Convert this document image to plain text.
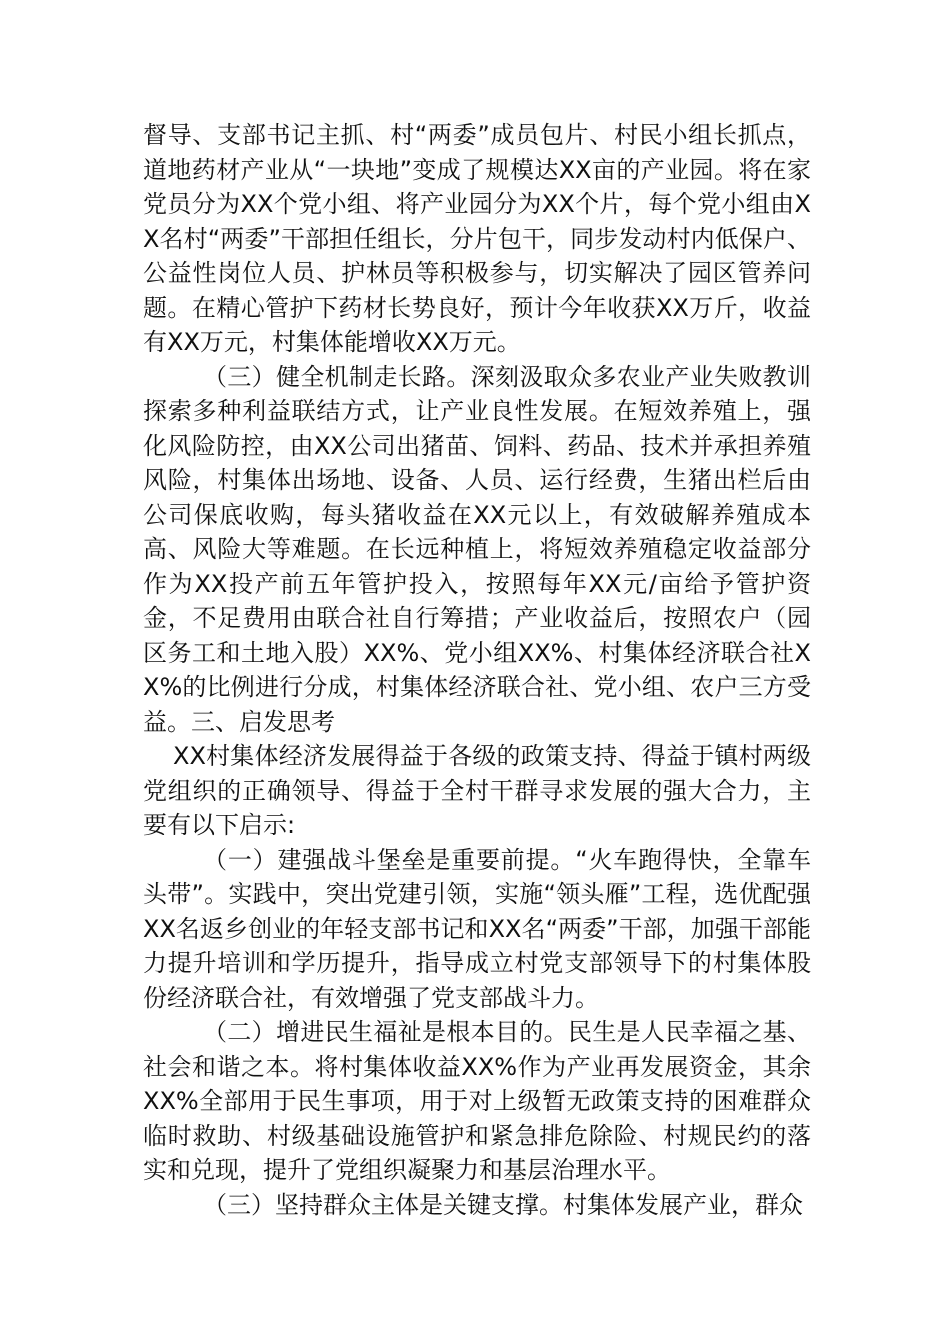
督导、支部书记主抓、村“两委”成员包片、村民小组长抓点，道地药材产业从“一块地”变成了规模达XX亩的产业园。将在家党员分为XX个党小组、将产业园分为XX个片，每个党小组由XX名村“两委”干部担任组长，分片包干，同步发动村内低保户、公益性岗位人员、护林员等积极参与，切实解决了园区管养问题。在精心管护下药材长势良好，预计今年收获XX万斤，收益有XX万元，村集体能增收XX万元。

（三）健全机制走长路。深刻汲取众多农业产业失败教训探索多种利益联结方式，让产业良性发展。在短效养殖上，强化风险防控，由XX公司出猪苗、饲料、药品、技术并承担养殖风险，村集体出场地、设备、人员、运行经费，生猪出栏后由公司保底收购，每头猪收益在XX元以上，有效破解养殖成本高、风险大等难题。在长远种植上，将短效养殖稳定收益部分作为XX投产前五年管护投入，按照每年XX元/亩给予管护资金，不足费用由联合社自行筹措；产业收益后，按照农户（园区务工和土地入股）XX%、党小组XX%、村集体经济联合社XX%的比例进行分成，村集体经济联合社、党小组、农户三方受益。三、启发思考

XX村集体经济发展得益于各级的政策支持、得益于镇村两级党组织的正确领导、得益于全村干群寻求发展的强大合力，主要有以下启示:

（一）建强战斗堡垒是重要前提。“火车跑得快，全靠车头带”。实践中，突出党建引领，实施“领头雁”工程，选优配强XX名返乡创业的年轻支部书记和XX名“两委”干部，加强干部能力提升培训和学历提升，指导成立村党支部领导下的村集体股份经济联合社，有效增强了党支部战斗力。

（二）增进民生福祉是根本目的。民生是人民幸福之基、社会和谐之本。将村集体收益XX%作为产业再发展资金，其余XX%全部用于民生事项，用于对上级暂无政策支持的困难群众临时救助、村级基础设施管护和紧急排危除险、村规民约的落实和兑现，提升了党组织凝聚力和基层治理水平。

（三）坚持群众主体是关键支撑。村集体发展产业，群众
